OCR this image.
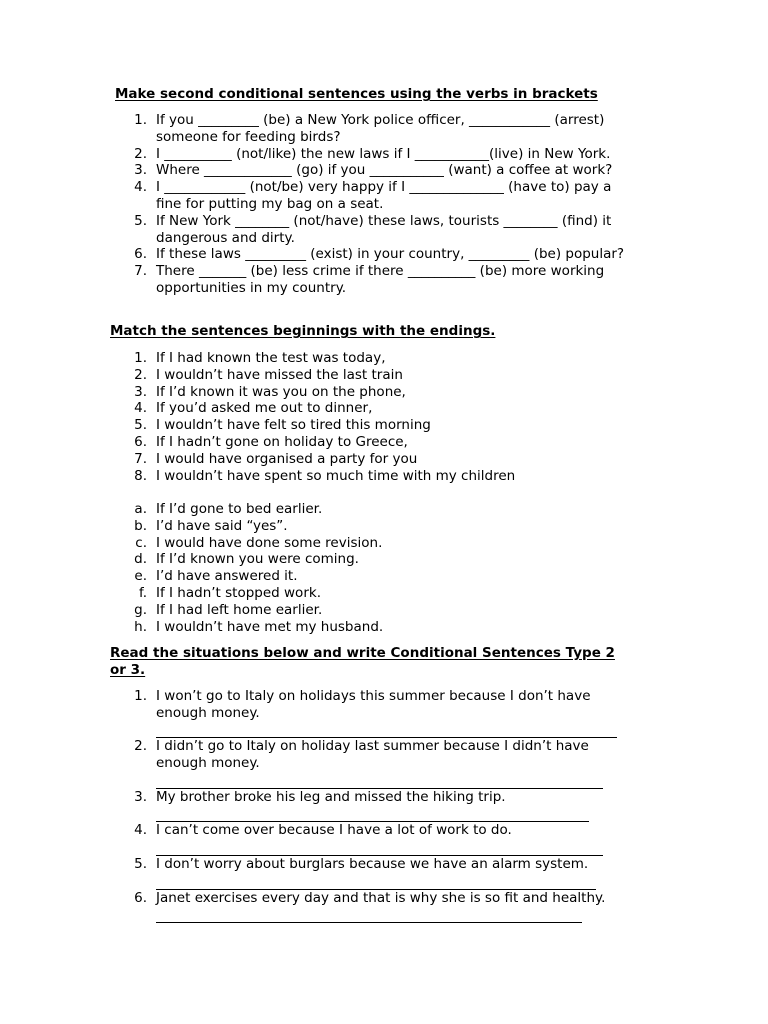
Make second conditional sentences using the verbs in brackets
1. If you _________ (be) a New York police officer, ____________ (arrest)
someone for feeding birds?
2. I __________ (not/like) the new laws if I ___________(live) in New York.
3. Where _____________ (go) if you ___________ (want) a coffee at work?
4. I ____________ (not/be) very happy if I ______________ (have to) pay a
fine for putting my bag on a seat.
5. If New York ________ (not/have) these laws, tourists ________ (find) it
dangerous and dirty.
6. If these laws _________ (exist) in your country, _________ (be) popular?
7. There _______ (be) less crime if there __________ (be) more working
opportunities in my country.
Match the sentences beginnings with the endings.
1. If I had known the test was today,
2. I wouldn’t have missed the last train
3. If I’d known it was you on the phone,
4. If you’d asked me out to dinner,
5. I wouldn’t have felt so tired this morning
6. If I hadn’t gone on holiday to Greece,
7. I would have organised a party for you
8. I wouldn’t have spent so much time with my children
a. If I’d gone to bed earlier.
b. I’d have said “yes”.
c. I would have done some revision.
d. If I’d known you were coming.
e. I’d have answered it.
f. If I hadn’t stopped work.
g. If I had left home earlier.
h. I wouldn’t have met my husband.
Read the situations below and write Conditional Sentences Type 2
or 3.
1. I won’t go to Italy on holidays this summer because I don’t have
enough money.
2. I didn’t go to Italy on holiday last summer because I didn’t have
enough money.
3. My brother broke his leg and missed the hiking trip.
4. I can’t come over because I have a lot of work to do.
5. I don’t worry about burglars because we have an alarm system.
6. Janet exercises every day and that is why she is so fit and healthy.
